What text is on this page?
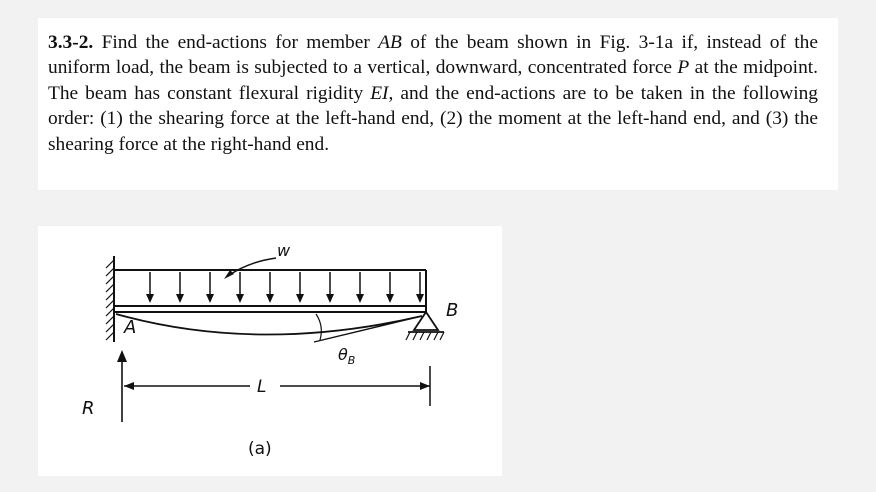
3.3-2. Find the end-actions for member AB of the beam shown in Fig. 3-1a if, instead of the uniform load, the beam is subjected to a vertical, downward, concentrated force P at the midpoint. The beam has constant flexural rigidity EI, and the end-actions are to be taken in the following order: (1) the shearing force at the left-hand end, (2) the moment at the left-hand end, and (3) the shearing force at the right-hand end.

w
A
B
$\theta_B$
L
R
(a)
